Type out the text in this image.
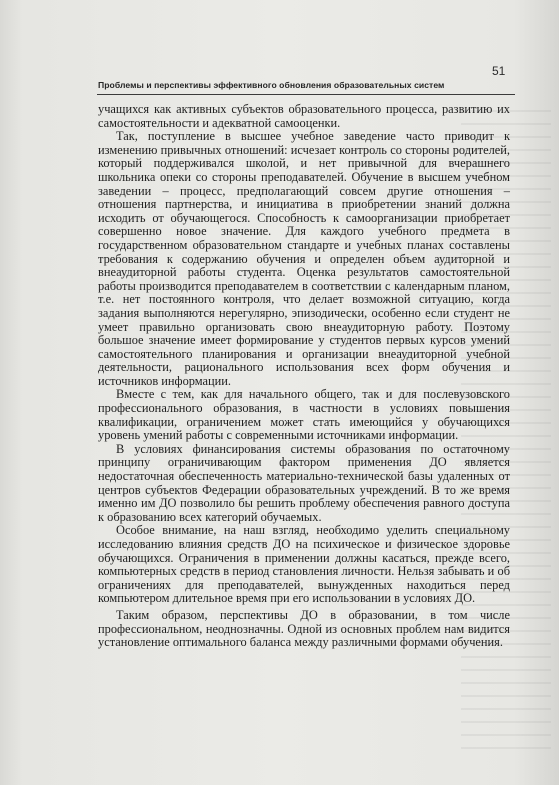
51
Проблемы и перспективы эффективного обновления образовательных систем

учащихся как активных субъектов образовательного процесса, развитию их самостоятельности и адекватной самооценки.

Так, поступление в высшее учебное заведение часто приводит к изменению привычных отношений: исчезает контроль со стороны родителей, который поддерживался школой, и нет привычной для вчерашнего школьника опеки со стороны преподавателей. Обучение в высшем учебном заведении – процесс, предполагающий совсем другие отношения – отношения партнерства, и инициатива в приобретении знаний должна исходить от обучающегося. Способность к самоорганизации приобретает совершенно новое значение. Для каждого учебного предмета в государственном образовательном стандарте и учебных планах составлены требования к содержанию обучения и определен объем аудиторной и внеаудиторной работы студента. Оценка результатов самостоятельной работы производится преподавателем в соответствии с календарным планом, т.е. нет постоянного контроля, что делает возможной ситуацию, когда задания выполняются нерегулярно, эпизодически, особенно если студент не умеет правильно организовать свою внеаудиторную работу. Поэтому большое значение имеет формирование у студентов первых курсов умений самостоятельного планирования и организации внеаудиторной учебной деятельности, рационального использования всех форм обучения и источников информации.

Вместе с тем, как для начального общего, так и для послевузовского профессионального образования, в частности в условиях повышения квалификации, ограничением может стать имеющийся у обучающихся уровень умений работы с современными источниками информации.

В условиях финансирования системы образования по остаточному принципу ограничивающим фактором применения ДО является недостаточная обеспеченность материально-технической базы удаленных от центров субъектов Федерации образовательных учреждений. В то же время именно им ДО позволило бы решить проблему обеспечения равного доступа к образованию всех категорий обучаемых.

Особое внимание, на наш взгляд, необходимо уделить специальному исследованию влияния средств ДО на психическое и физическое здоровье обучающихся. Ограничения в применении должны касаться, прежде всего, компьютерных средств в период становления личности. Нельзя забывать и об ограничениях для преподавателей, вынужденных находиться перед компьютером длительное время при его использовании в условиях ДО.

Таким образом, перспективы ДО в образовании, в том числе профессиональном, неоднозначны. Одной из основных проблем нам видится установление оптимального баланса между различными формами обучения.
